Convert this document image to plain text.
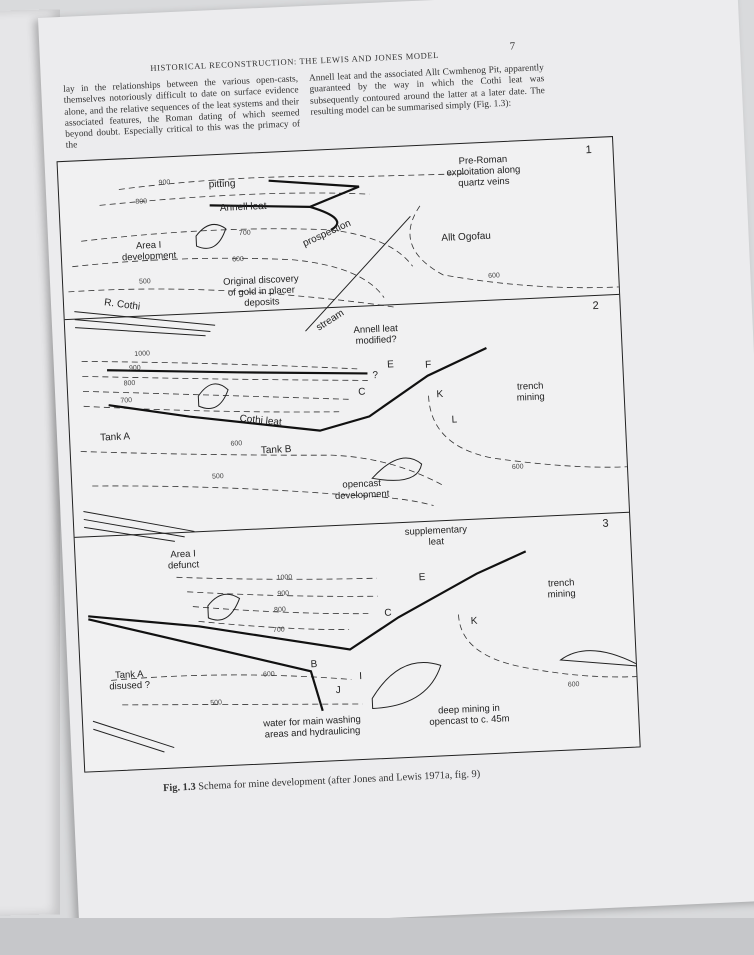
HISTORICAL RECONSTRUCTION: THE LEWIS AND JONES MODEL
7
lay in the relationships between the various open-casts, themselves notoriously difficult to date on surface evidence alone, and the relative sequences of the leat systems and their associated features, the Roman dating of which seemed beyond doubt. Especially critical to this was the primacy of the
Annell leat and the associated Allt Cwmhenog Pit, apparently guaranteed by the way in which the Cothi leat was subsequently contoured around the latter at a later date. The resulting model can be summarised simply (Fig. 1.3):
1
900
800
700
600
500
600
pitting
Annell leat
Area I
development
prospection
Pre-Roman
exploitation along
quartz veins
Allt Ogofau
Original discovery
of gold in placer
deposits
R. Cothi
stream
2
1000
900
800
700
600
500
600
Annell leat
modified?
Cothi leat
Tank A
Tank B
trench
mining
opencast
development
C
?
E	F
K
L
3
1000
900
800
700
600
500
600
Area I
defunct
supplementary
leat
trench
mining
Tank A
disused ?
water for main washing
areas and hydraulicing
deep mining in
opencast to c. 45m
C
E
K
B
I
J
Fig. 1.3 Schema for mine development (after Jones and Lewis 1971a, fig. 9)
